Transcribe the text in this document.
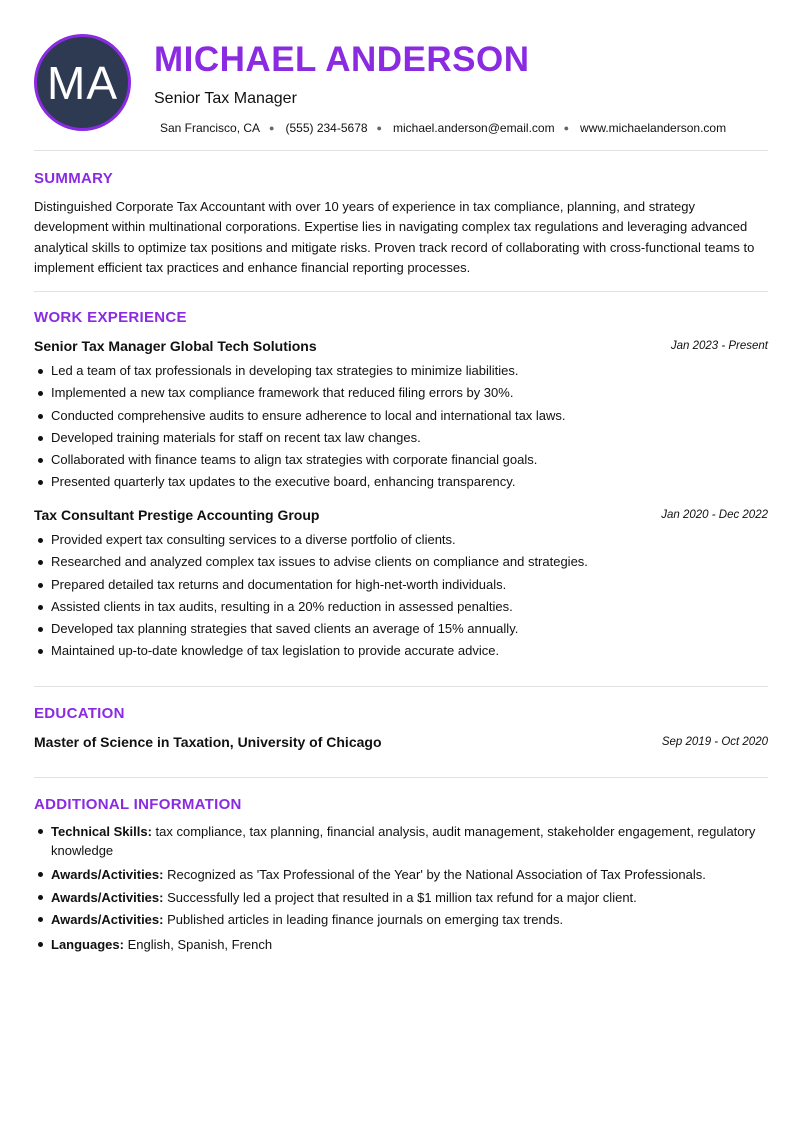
MA	MICHAEL ANDERSON
Senior Tax Manager
San Francisco, CA ● (555) 234-5678 ● michael.anderson@email.com ● www.michaelanderson.com
SUMMARY
Distinguished Corporate Tax Accountant with over 10 years of experience in tax compliance, planning, and strategy development within multinational corporations. Expertise lies in navigating complex tax regulations and leveraging advanced analytical skills to optimize tax positions and mitigate risks. Proven track record of collaborating with cross-functional teams to implement efficient tax practices and enhance financial reporting processes.
WORK EXPERIENCE
Senior Tax Manager Global Tech Solutions	Jan 2023 - Present
Led a team of tax professionals in developing tax strategies to minimize liabilities.
Implemented a new tax compliance framework that reduced filing errors by 30%.
Conducted comprehensive audits to ensure adherence to local and international tax laws.
Developed training materials for staff on recent tax law changes.
Collaborated with finance teams to align tax strategies with corporate financial goals.
Presented quarterly tax updates to the executive board, enhancing transparency.
Tax Consultant Prestige Accounting Group	Jan 2020 - Dec 2022
Provided expert tax consulting services to a diverse portfolio of clients.
Researched and analyzed complex tax issues to advise clients on compliance and strategies.
Prepared detailed tax returns and documentation for high-net-worth individuals.
Assisted clients in tax audits, resulting in a 20% reduction in assessed penalties.
Developed tax planning strategies that saved clients an average of 15% annually.
Maintained up-to-date knowledge of tax legislation to provide accurate advice.
EDUCATION
Master of Science in Taxation, University of Chicago	Sep 2019 - Oct 2020
ADDITIONAL INFORMATION
Technical Skills: tax compliance, tax planning, financial analysis, audit management, stakeholder engagement, regulatory knowledge
Awards/Activities: Recognized as 'Tax Professional of the Year' by the National Association of Tax Professionals.
Awards/Activities: Successfully led a project that resulted in a $1 million tax refund for a major client.
Awards/Activities: Published articles in leading finance journals on emerging tax trends.
Languages: English, Spanish, French
